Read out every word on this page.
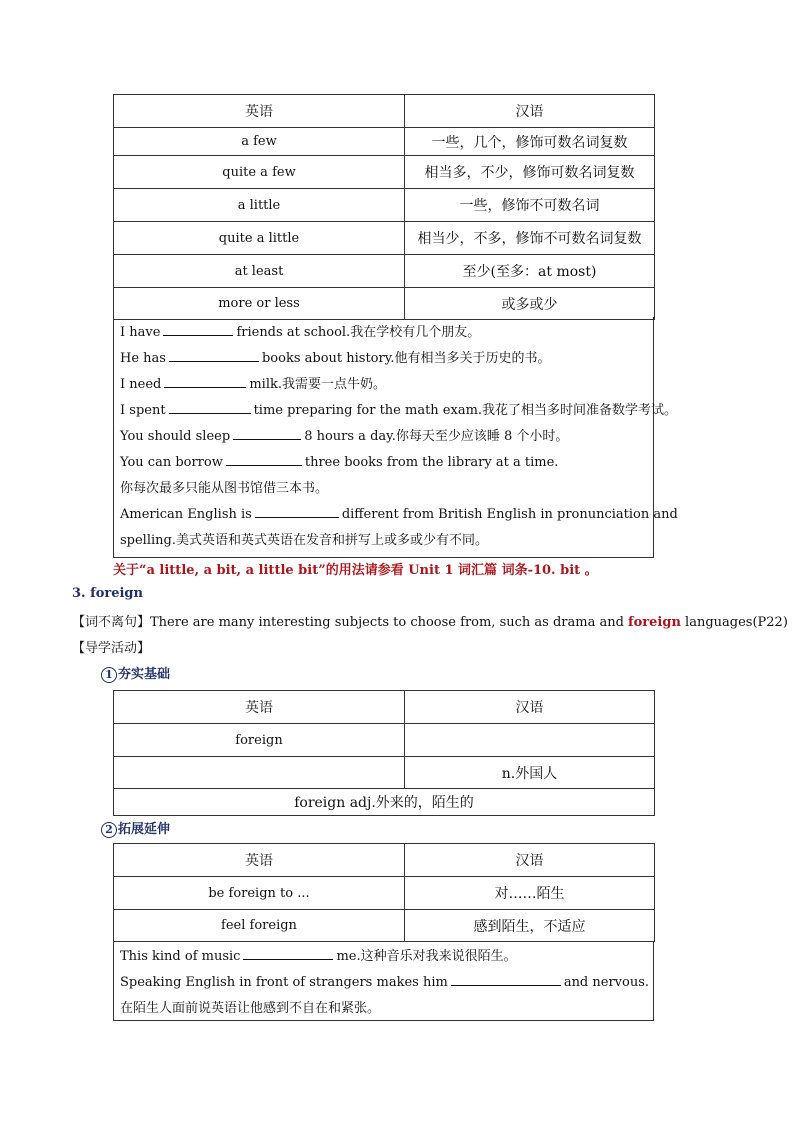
英语	汉语
a few	一些，几个，修饰可数名词复数
quite a few	相当多，不少，修饰可数名词复数
a little	一些，修饰不可数名词
quite a little	相当少，不多，修饰不可数名词复数
at least	至少(至多：at most)
more or less	或多或少
I have	friends at school.我在学校有几个朋友。
He has	books about history.他有相当多关于历史的书。
I need	milk.我需要一点牛奶。
I spent	time preparing for the math exam.我花了相当多时间准备数学考试。
You should sleep	8 hours a day.你每天至少应该睡 8 个小时。
You can borrow	three books from the library at a time.
你每次最多只能从图书馆借三本书。
American English is	different from British English in pronunciation and
spelling.美式英语和英式英语在发音和拼写上或多或少有不同。
关于“a little, a bit, a little bit”的用法请参看 Unit 1 词汇篇 词条-10. bit 。
3. foreign
【词不离句】There are many interesting subjects to choose from, such as drama and foreign languages(P22)
【导学活动】
1 夯实基础
英语	汉语
foreign	
	n.外国人
foreign adj.外来的，陌生的	
2 拓展延伸
英语	汉语
be foreign to ...	对……陌生
feel foreign	感到陌生，不适应
This kind of music	me.这种音乐对我来说很陌生。
Speaking English in front of strangers makes him	and nervous.
在陌生人面前说英语让他感到不自在和紧张。
